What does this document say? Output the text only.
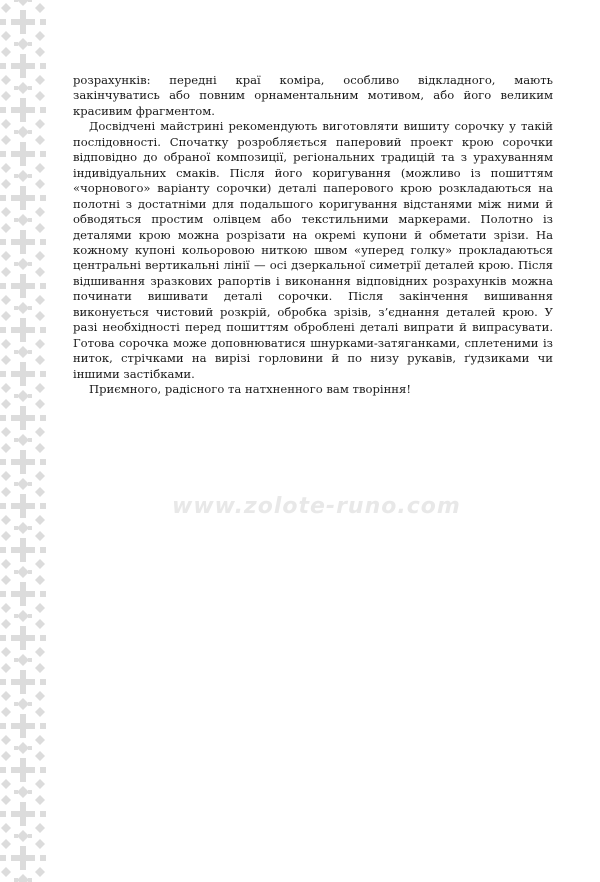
розрахунків: передні краї коміра, особливо відкладного, мають закінчуватись або повним орнаментальним мотивом, або його великим красивим фрагментом.

Досвідчені майстрині рекомендують виготовляти вишиту сорочку у такій послідовності. Спочатку розробляється паперовий проект крою сорочки відповідно до обраної композиції, регіональних традицій та з урахуванням індивідуальних смаків. Після його коригування (можливо із пошиттям «чорнового» варіанту сорочки) деталі паперового крою розкладаються на полотні з достатніми для подальшого коригування відстанями між ними й обводяться простим олівцем або текстильними маркерами. Полотно із деталями крою можна розрізати на окремі купони й обметати зрізи. На кожному купоні кольоровою ниткою швом «уперед голку» прокладаються центральні вертикальні лінії — осі дзеркальної симетрії деталей крою. Після відшивання зразкових рапортів і виконання відповідних розрахунків можна починати вишивати деталі сорочки. Після закінчення вишивання виконується чистовий розкрій, обробка зрізів, з’єднання деталей крою. У разі необхідності перед пошиттям оброблені деталі випрати й випрасувати. Готова сорочка може доповнюватися шнурками-затяганками, сплетеними із ниток, стрічками на вирізі горловини й по низу рукавів, ґудзиками чи іншими застібками.

Приємного, радісного та натхненного вам творіння!

www.zolote-runo.com
